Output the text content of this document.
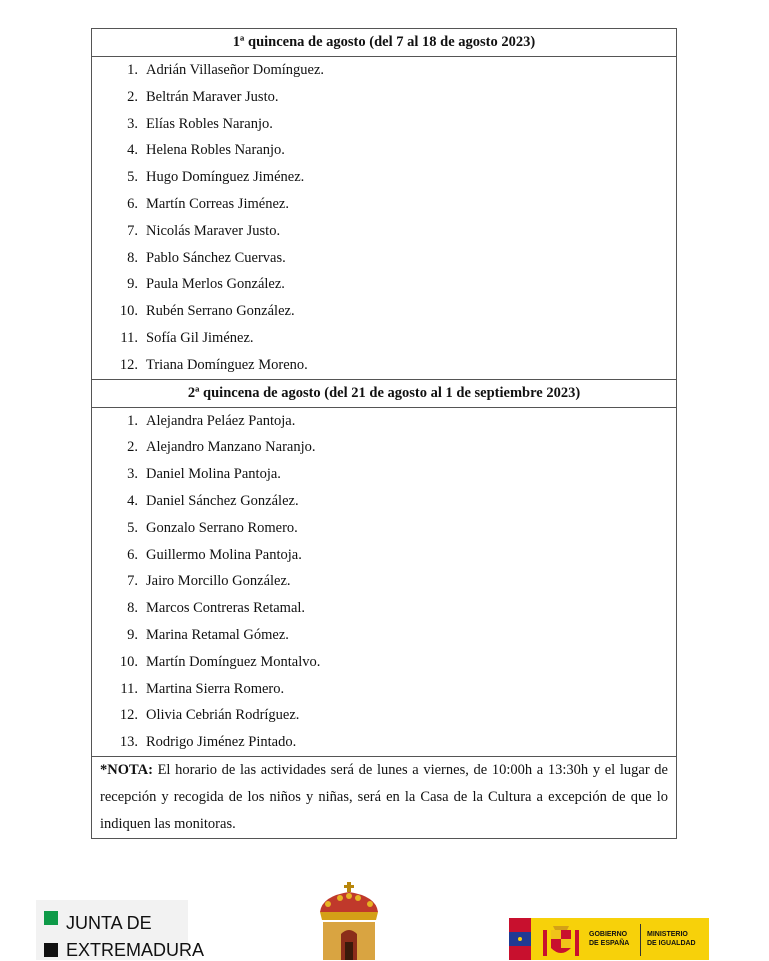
1ª quincena de agosto (del 7 al 18 de agosto 2023)
1. Adrián Villaseñor Domínguez.
2. Beltrán Maraver Justo.
3. Elías Robles Naranjo.
4. Helena Robles Naranjo.
5. Hugo Domínguez Jiménez.
6. Martín Correas Jiménez.
7. Nicolás Maraver Justo.
8. Pablo Sánchez Cuervas.
9. Paula Merlos González.
10. Rubén Serrano González.
11. Sofía Gil Jiménez.
12. Triana Domínguez Moreno.
2ª quincena de agosto (del 21 de agosto al 1 de septiembre 2023)
1. Alejandra Peláez Pantoja.
2. Alejandro Manzano Naranjo.
3. Daniel Molina Pantoja.
4. Daniel Sánchez González.
5. Gonzalo Serrano Romero.
6. Guillermo Molina Pantoja.
7. Jairo Morcillo González.
8. Marcos Contreras Retamal.
9. Marina Retamal Gómez.
10. Martín Domínguez Montalvo.
11. Martina Sierra Romero.
12. Olivia Cebrián Rodríguez.
13. Rodrigo Jiménez Pintado.
*NOTA: El horario de las actividades será de lunes a viernes, de 10:00h a 13:30h y el lugar de recepción y recogida de los niños y niñas, será en la Casa de la Cultura a excepción de que lo indiquen las monitoras.
JUNTA DE
EXTREMADURA
GOBIERNO
DE ESPAÑA
MINISTERIO
DE IGUALDAD
